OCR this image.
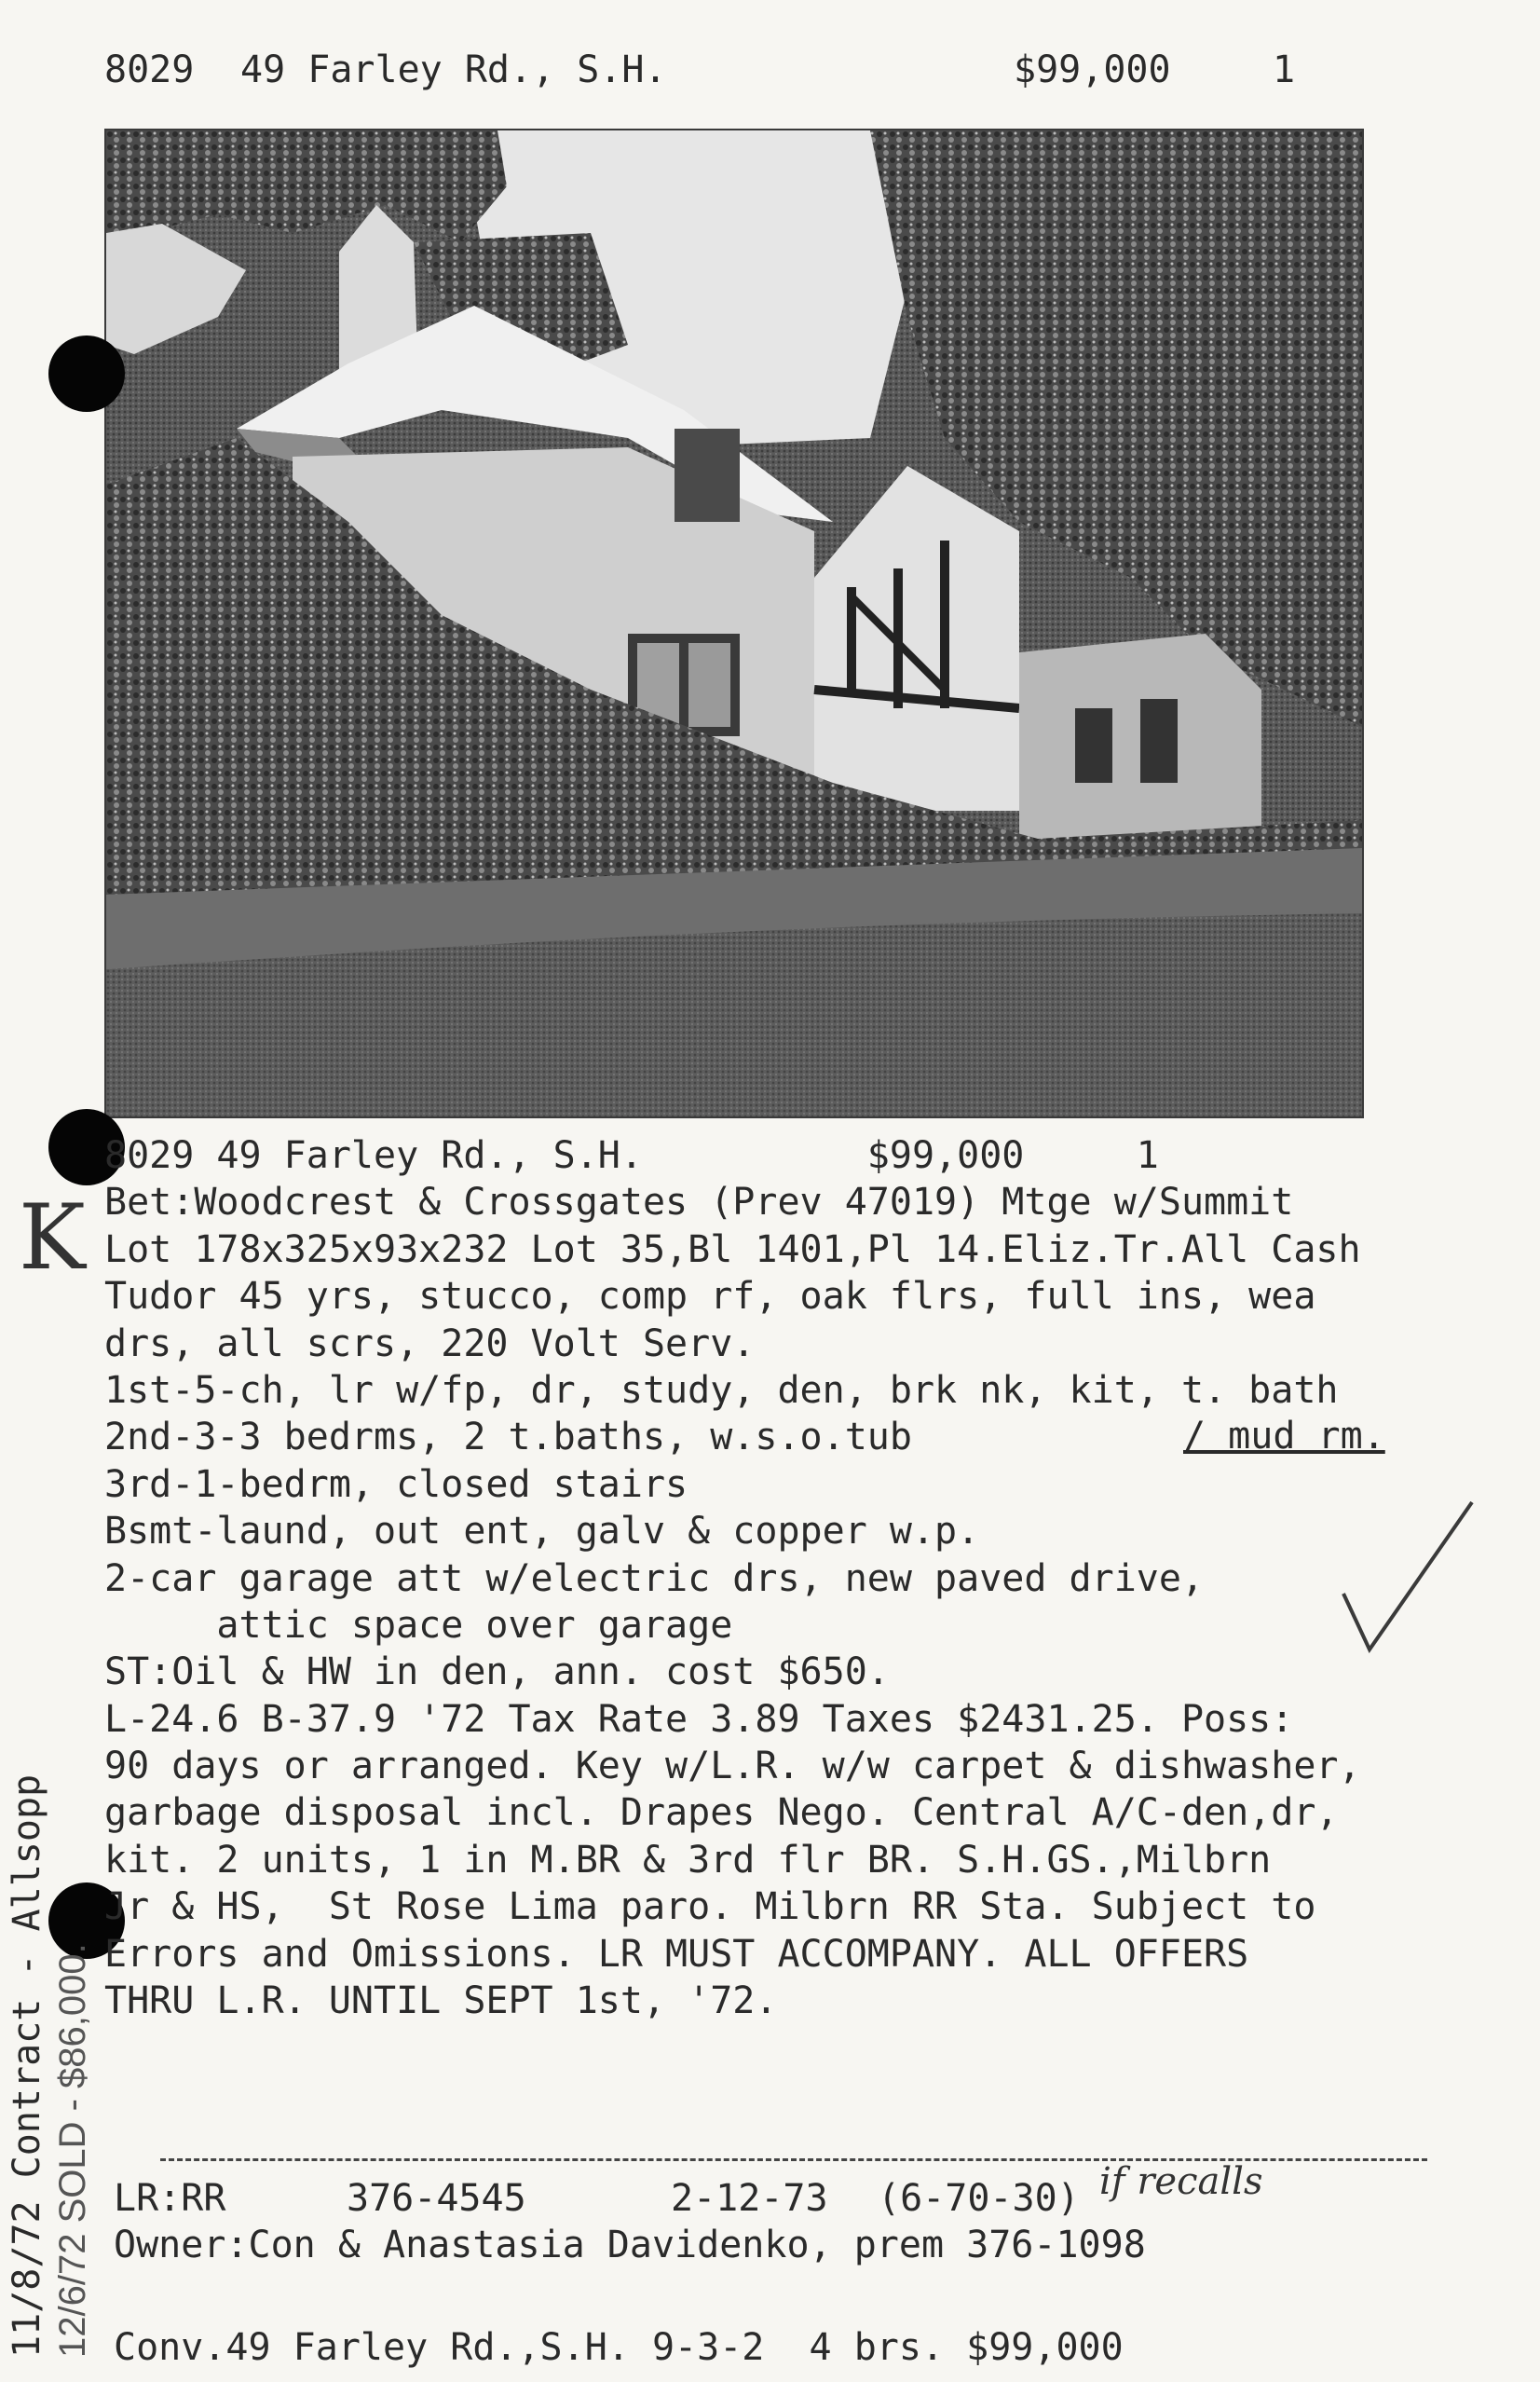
8029 49 Farley Rd., S.H.	$99,000	1
K
8029 49 Farley Rd., S.H.          $99,000     1
Bet:Woodcrest & Crossgates (Prev 47019) Mtge w/Summit
Lot 178x325x93x232 Lot 35,Bl 1401,Pl 14.Eliz.Tr.All Cash
Tudor 45 yrs, stucco, comp rf, oak flrs, full ins, wea
drs, all scrs, 220 Volt Serv.
1st-5-ch, lr w/fp, dr, study, den, brk nk, kit, t. bath
2nd-3-3 bedrms, 2 t.baths, w.s.o.tub
3rd-1-bedrm, closed stairs
Bsmt-laund, out ent, galv & copper w.p.
2-car garage att w/electric drs, new paved drive,
attic space over garage
ST:Oil & HW in den, ann. cost $650.
L-24.6 B-37.9 '72 Tax Rate 3.89 Taxes $2431.25. Poss:
90 days or arranged. Key w/L.R. w/w carpet & dishwasher,
garbage disposal incl. Drapes Nego. Central A/C-den,dr,
kit. 2 units, 1 in M.BR & 3rd flr BR. S.H.GS.,Milbrn
Jr & HS,  St Rose Lima paro. Milbrn RR Sta. Subject to
Errors and Omissions. LR MUST ACCOMPANY. ALL OFFERS
THRU L.R. UNTIL SEPT 1st, '72.
/ mud rm.
11/8/72 Contract - Allsopp 12/6/72 SOLD - $86,000. LR:RR	376-4545	2-12-73 (6-70-30) if recalls
Owner:Con & Anastasia Davidenko, prem 376-1098
Conv.49 Farley Rd.,S.H. 9-3-2  4 brs. $99,000
